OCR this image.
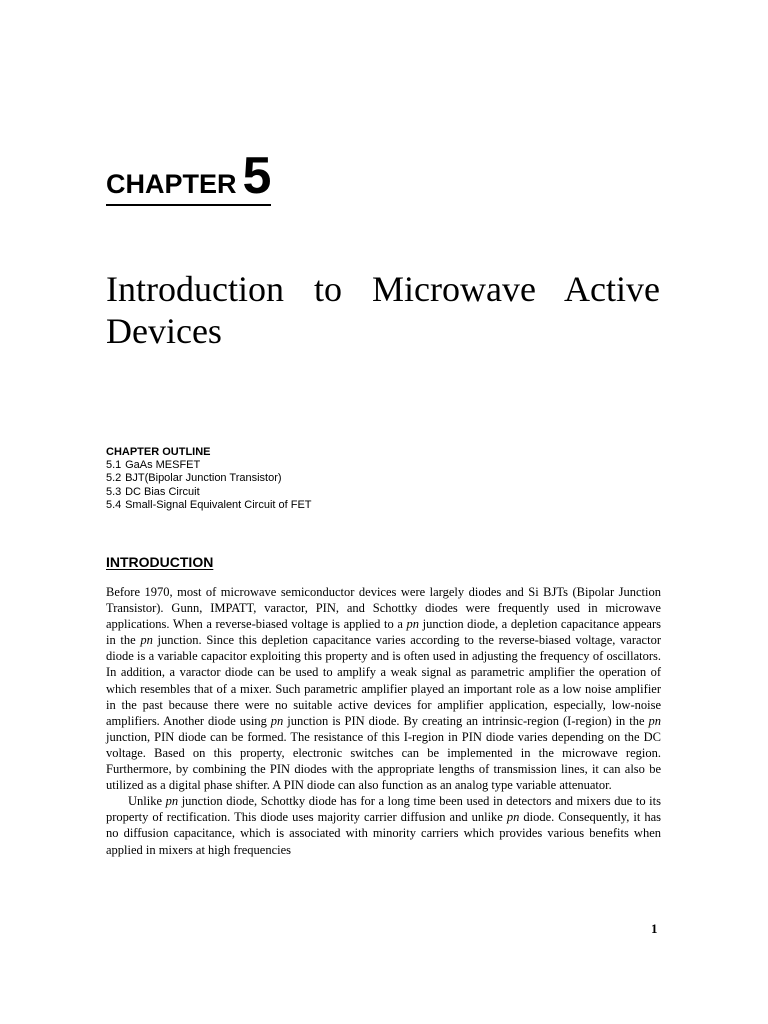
CHAPTER 5
Introduction to Microwave Active Devices

CHAPTER OUTLINE

5.1 GaAs MESFET
5.2 BJT(Bipolar Junction Transistor)
5.3 DC Bias Circuit
5.4 Small-Signal Equivalent Circuit of FET
INTRODUCTION

Before 1970, most of microwave semiconductor devices were largely diodes and Si BJTs (Bipolar Junction Transistor). Gunn, IMPATT, varactor, PIN, and Schottky diodes were frequently used in microwave applications. When a reverse-biased voltage is applied to a pn junction diode, a depletion capacitance appears in the pn junction. Since this depletion capacitance varies according to the reverse-biased voltage, varactor diode is a variable capacitor exploiting this property and is often used in adjusting the frequency of oscillators. In addition, a varactor diode can be used to amplify a weak signal as parametric amplifier the operation of which resembles that of a mixer. Such parametric amplifier played an important role as a low noise amplifier in the past because there were no suitable active devices for amplifier application, especially, low-noise amplifiers. Another diode using pn junction is PIN diode. By creating an intrinsic-region (I-region) in the pn junction, PIN diode can be formed. The resistance of this I-region in PIN diode varies depending on the DC voltage. Based on this property, electronic switches can be implemented in the microwave region. Furthermore, by combining the PIN diodes with the appropriate lengths of transmission lines, it can also be utilized as a digital phase shifter. A PIN diode can also function as an analog type variable attenuator.

Unlike pn junction diode, Schottky diode has for a long time been used in detectors and mixers due to its property of rectification. This diode uses majority carrier diffusion and unlike pn diode. Consequently, it has no diffusion capacitance, which is associated with minority carriers which provides various benefits when applied in mixers at high frequencies

1
